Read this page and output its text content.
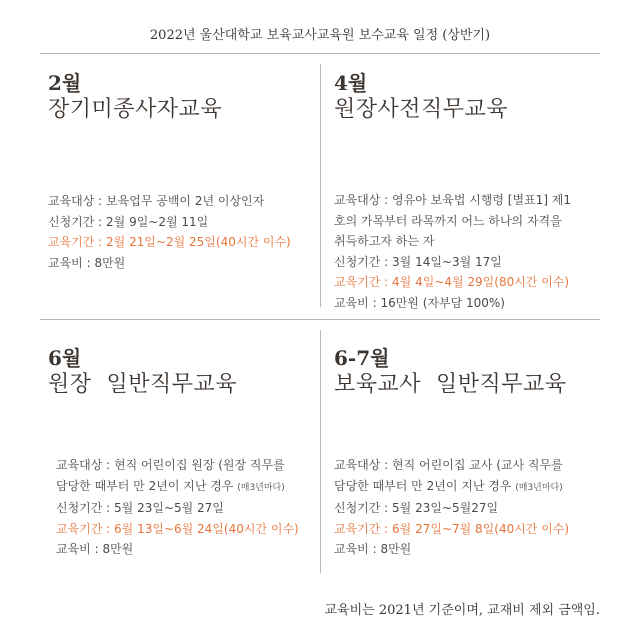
2022년 울산대학교 보육교사교육원 보수교육 일정 (상반기)
2월
장기미종사자교육
교육대상 : 보육업무 공백이 2년 이상인자
신청기간 : 2월 9일~2월 11일
교육기간 : 2월 21일~2월 25일(40시간 이수)
교육비 : 8만원
4월
원장사전직무교육
교육대상 : 영유아 보육법 시행령 [별표1] 제1
호의 가목부터 라목까지 어느 하나의 자격을
취득하고자 하는 자
신청기간 : 3월 14일~3월 17일
교육기간 : 4월 4일~4월 29일(80시간 이수)
교육비 : 16만원 (자부담 100%)
6월
원장  일반직무교육
교육대상 : 현직 어린이집 원장 (원장 직무를
담당한 때부터 만 2년이 지난 경우 (매3년마다)
신청기간 : 5월 23일~5월 27일
교육기간 : 6월 13일~6월 24일(40시간 이수)
교육비 : 8만원
6-7월
보육교사  일반직무교육
교육대상 : 현직 어린이집 교사 (교사 직무를
담당한 때부터 만 2년이 지난 경우 (매3년마다)
신청기간 : 5월 23일~5월27일
교육기간 : 6월 27일~7월 8일(40시간 이수)
교육비 : 8만원
교육비는 2021년 기준이며, 교재비 제외 금액임.
